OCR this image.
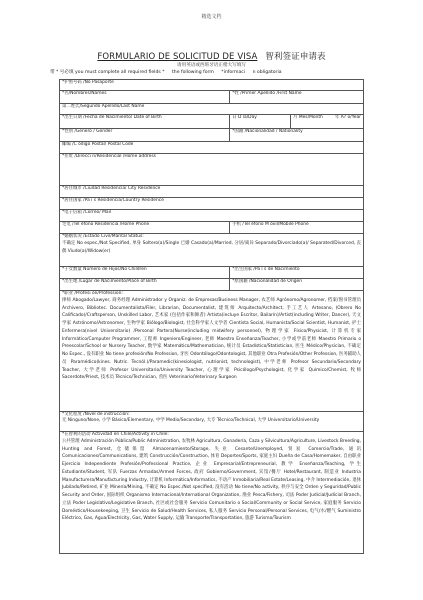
精选文档
FORMULARIO DE SOLICITUD DE VISA 智利签证申请表
请用英语或西班牙语正楷大写填写
带 * 号必填 you must complete all required fields * the following form *informaci n obligatoria
*护照号码 /No Pasaporte		

*名/Nombres/Names	*姓 /Primer Apellido /First Name	

第二姓氏/Segundo Apellido/Last Name		

*出生日期 /Fecha de Nacimiento/ Date of Birth	日 D ía/Day	月 Mes/Month 年 A? o/Year

*性别 /Genero / Gender	*国籍 /Nacionalidad / Nationality	

邮编 /C ódigo Postal/ Postal Code		

*住址 /Direcci n/Residencial /Home address		

*居住城市 /Ciudad Residencia/ City Residence		

*居住国家 /Pa í s Residencia/Country Residence		

*电子信箱 /Correo/ Mail		

宅电 /Tel éfono Residencia /Home Phone	手机 /Tel éfono M óvil/Mobile Phone	

*婚姻状况 /Estado Civil/Marital Status:
不确定 No espec./Not Specified, 单身 Soltero(a)/Single 已婚 Casado(a)/Married, 分居/离异 Separado/Divorciado(a)/ Separated/Divorced, 丧偶 Viudo(a)/Widow(er)		

*子女数量 Número de Hijos/No Children	*出生国家 /Pa í s de Nacimiento	

*出生地 /Lugar de Nacimiento/Place of Birth	*原国籍 /Nacionalidad de Origen	

*职业 /Profesi ón/Profession:
律师 Abogado/Lawyer, 商务经理 Administrador y Organiz. de Empresas/Business Manager, 农艺师 Agrónomo/Agronomer, 档案/图书管理员 Archivero, Bibliotec. Documentalista/Filer, Librarian, Documentalist, 建筑师 Arquitecto/Architect, 手工艺人 Artesano, (Obrero No Calificado)/Craftsperson, Unskilled Labor, 艺术家 (包括作家和舞者) Artista(incluye Escritor, Bailarín)/Artist(including Writer, Dancer), 天文学家 Astrónomo/Astronomer, 生物学家 Biólogo/Biologist, 社会科学家人文学者 Cientista Social, Humanista/Social Scientist, Humanist, 护士 Enfermera(nivel Universitario) /Personal Partera(Nurse(including midwifery personnel), 物理学家 Físico/Physicist, 计算机专家 Informático/Computer Programmer, 工程师 Ingeniero/Engineer, 老师 Maestro Enseñanza/Teacher, 小学或学前老师 Maestro Primario o Preescolar/School or Nursery Teacher, 数学家 Matemático/Mathematician, 统计员 Estadístico/Statistician, 医生 Médico/Physician, 不确定 No Espec., 没有职业 No tiene profesión/No Profession, 牙医 Odontólogo/Odontologist, 其他职业 Otra Profesión/Other Profession, 医务辅助人员 Paramédico(kines. Nutric. Tecnól.)/Paramedic(kinesiologist, nutrionist, technologist), 中学老师 Profesor Secundario/Secondary Teacher, 大学老师 Profesor Universitario/University Teacher, 心理学家 Psicólogo/Psychologist, 化学家 Químico/Chemist, 牧师 Sacerdote/Priest, 技术员 Técnico/Technician, 兽医 Veterinario/Veterinary Surgeon		

*文化程度 /Nivel de instrucción:
无 Ninguno/None, 小学 Básico/Elementary, 中学 Medio/Secondary, 大专 Técnico/Technical, 大学 Universitario/University		

*在智利的活动 Actividad en Chile/Activity in Chile:
公共管理 Administración Pública/Public Administration, 农牧林 Agricultura, Ganadería, Caza y Silvicultura/Agriculture, Livestock Breeding, Hunting and Forest, 仓储保留 Almacenamiento/Storage, 失业 Cesante/Unemployed, 贸易 Comercio/Trade, 通讯 Comunicaciones/Communications, 建筑 Construcción/Construction, 体育 Deportes/Sports, 家庭主妇 Dueña de Casa/Homemaker, 自由职业 Ejercicio Independiente Profesión/Professional Practice, 企业 Empresarial/Entrepreneurial, 教学 Enseñanza/Teaching, 学生 Estudiante/Student, 军队 Fuerzas Armadas/Armed Forces, 政府 Gobierno/Government, 宾馆/餐厅 Hotel/Restaurant, 制造业 Industria Manufacturera/Manufacturing Industry, 计算机 Informática/Informatics, 不动产 Inmobiliaria/Real Estate/Leasing, 中介 Intermediación, 退休 Jubilado/Retired, 矿业 Minería/Mining, 不确定 No Espec./Not specified, 没有活动 No tiene/No activity, 秩序与安全 Orden y Seguridad/Public Security and Order, 国际组织 Organismo Internacional/International Organization, 渔业 Pesca/Fishery, 司法 Poder Judicial/Judicial Branch, 立法 Poder Legislativo/Legislative Branch, 社区或社会服务 Servicio Comunitario o Social/Community or Social Service, 家庭服务 Servicio Doméstico/Housekeeping, 卫生 Servicio de Salud/Health Services, 私人服务 Servicio Personal/Personal Services, 电气/水/燃气 Suministro Eléctrico, Gas, Agua/Electricity, Gas, Water Supply, 运输 Transporte/Transportation, 旅游 Turismo/Tourism		
